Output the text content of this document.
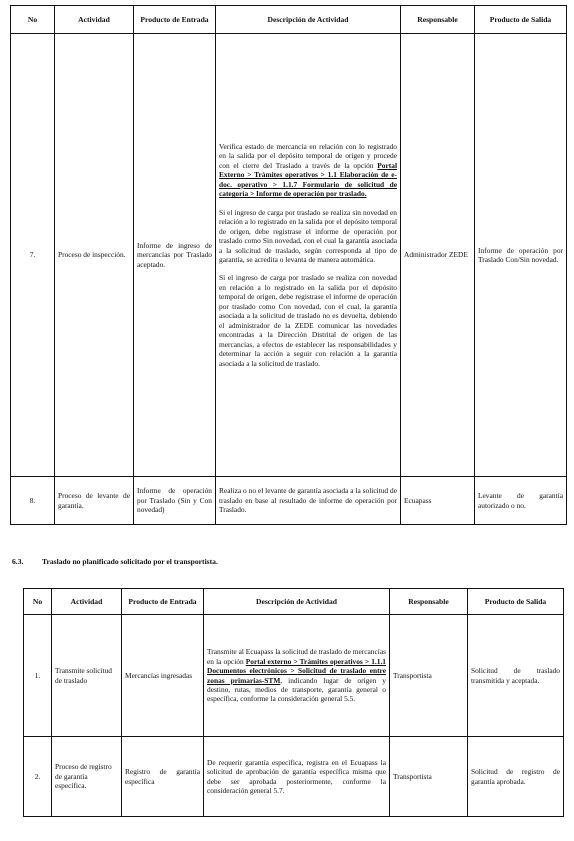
No	Actividad	Producto de Entrada	Descripción de Actividad	Responsable	Producto de Salida
7.	Proceso de inspección.	Informe de ingreso de mercancías por Traslado aceptado.	Verifica estado de mercancía en relación con lo registrado en la salida por el depósito temporal de origen y procede con el cierre del Traslado a través de la opción Portal Externo > Trámites operativos > 1.1 Elaboración de e-doc. operativo > 1.1.7 Formulario de solicitud de categoría > Informe de operación por traslado.

Si el ingreso de carga por traslado se realiza sin novedad en relación a lo registrado en la salida por el depósito temporal de origen, debe registrase el informe de operación por traslado como Sin novedad, con el cual la garantía asociada a la solicitud de traslado, según corresponda al tipo de garantía, se acredita o levanta de manera automática.

Si el ingreso de carga por traslado se realiza con novedad en relación a lo registrado en la salida por el depósito temporal de origen, debe registrase el informe de operación por traslado como Con novedad, con el cual, la garantía asociada a la solicitud de traslado no es devuelta, debiendo el administrador de la ZEDE comunicar las novedades encontradas a la Dirección Distrital de origen de las mercancías, a efectos de establecer las responsabilidades y determinar la acción a seguir con relación a la garantía asociada a la solicitud de traslado.	Administrador ZEDE	Informe de operación por Traslado Con/Sin novedad.
8.	Proceso de levante de garantía.	Informe de operación por Traslado (Sin y Con novedad)	Realiza o no el levante de garantía asociada a la solicitud de traslado en base al resultado de informe de operación por Traslado.	Ecuapass	Levante de garantía autorizado o no.
6.3. Traslado no planificado solicitado por el transportista.
No	Actividad	Producto de Entrada	Descripción de Actividad	Responsable	Producto de Salida
1.	Transmite solicitud de traslado	Mercancías ingresadas	Transmite al Ecuapass la solicitud de traslado de mercancías en la opción Portal externo > Trámites operativos > 1.1.1 Documentos electrónicos > Solicitud de traslado entre zonas primarias-STM, indicando lugar de origen y destino, rutas, medios de transporte, garantía general o específica, conforme la consideración general 5.5.	Transportista	Solicitud de traslado transmitida y aceptada.
2.	Proceso de registro de garantía específica.	Registro de garantía específica	De requerir garantía específica, registra en el Ecuapass la solicitud de aprobación de garantía específica misma que debe ser aprobada posteriormente, conforme la consideración general 5.7.	Transportista	Solicitud de registro de garantía aprobada.
